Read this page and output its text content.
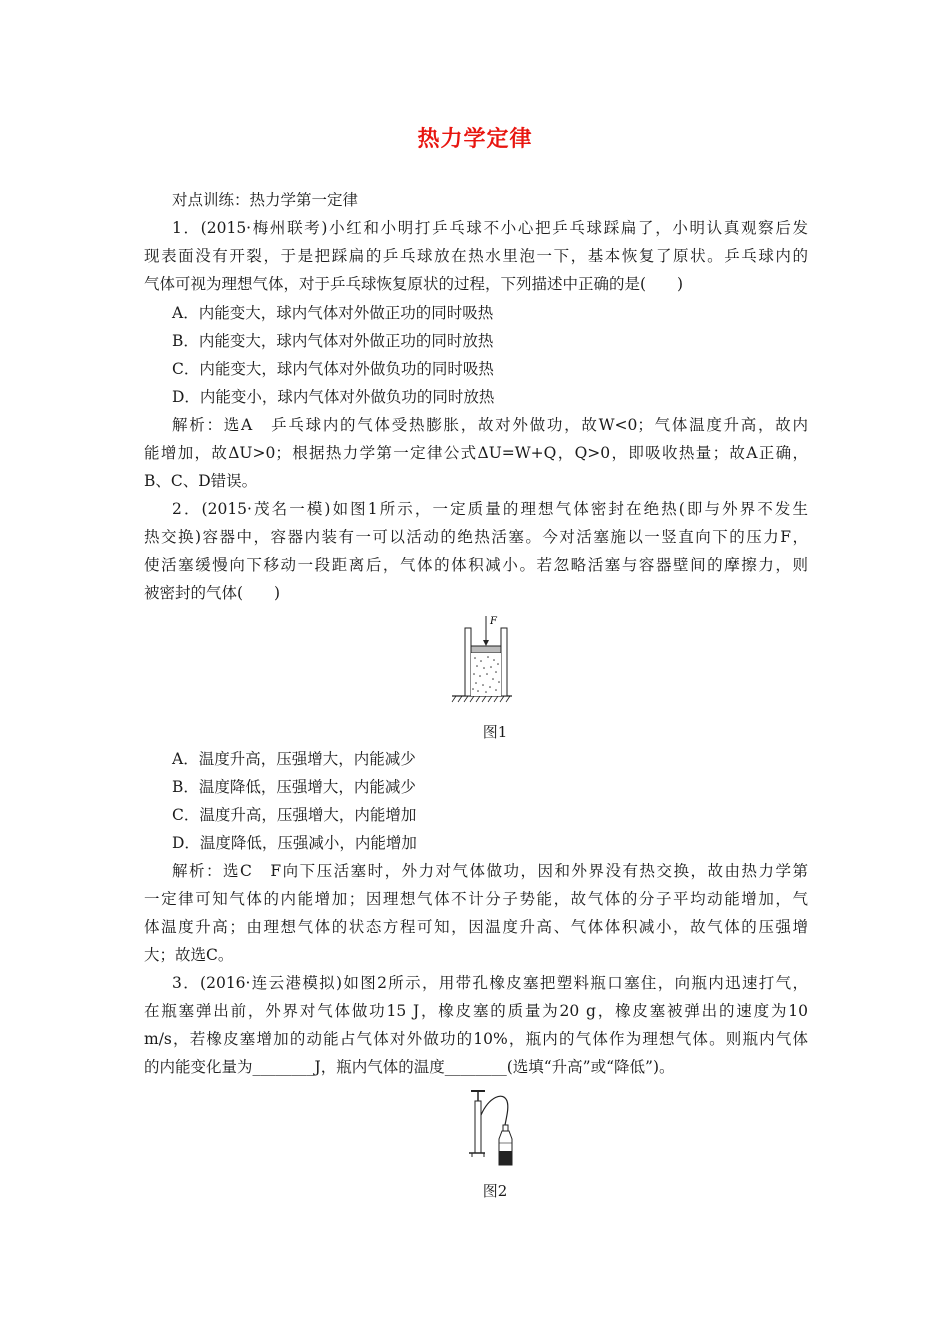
热力学定律
对点训练：热力学第一定律
1．(2015·梅州联考)小红和小明打乒乓球不小心把乒乓球踩扁了，小明认真观察后发
现表面没有开裂，于是把踩扁的乒乓球放在热水里泡一下，基本恢复了原状。乒乓球内的
气体可视为理想气体，对于乒乓球恢复原状的过程，下列描述中正确的是(　　)
A．内能变大，球内气体对外做正功的同时吸热
B．内能变大，球内气体对外做正功的同时放热
C．内能变大，球内气体对外做负功的同时吸热
D．内能变小，球内气体对外做负功的同时放热
解析：选A　乒乓球内的气体受热膨胀，故对外做功，故W<0；气体温度升高，故内
能增加，故ΔU>0；根据热力学第一定律公式ΔU=W+Q，Q>0，即吸收热量；故A正确，
B、C、D错误。
2．(2015·茂名一模)如图1所示，一定质量的理想气体密封在绝热(即与外界不发生
热交换)容器中，容器内装有一可以活动的绝热活塞。今对活塞施以一竖直向下的压力F，
使活塞缓慢向下移动一段距离后，气体的体积减小。若忽略活塞与容器壁间的摩擦力，则
被密封的气体(　　)
F
图1
A．温度升高，压强增大，内能减少
B．温度降低，压强增大，内能减少
C．温度升高，压强增大，内能增加
D．温度降低，压强减小，内能增加
解析：选C　F向下压活塞时，外力对气体做功，因和外界没有热交换，故由热力学第
一定律可知气体的内能增加；因理想气体不计分子势能，故气体的分子平均动能增加，气
体温度升高；由理想气体的状态方程可知，因温度升高、气体体积减小，故气体的压强增
大；故选C。
3．(2016·连云港模拟)如图2所示，用带孔橡皮塞把塑料瓶口塞住，向瓶内迅速打气，
在瓶塞弹出前，外界对气体做功15 J，橡皮塞的质量为20 g，橡皮塞被弹出的速度为10
m/s，若橡皮塞增加的动能占气体对外做功的10%，瓶内的气体作为理想气体。则瓶内气体
的内能变化量为________J，瓶内气体的温度________(选填“升高”或“降低”)。
图2
